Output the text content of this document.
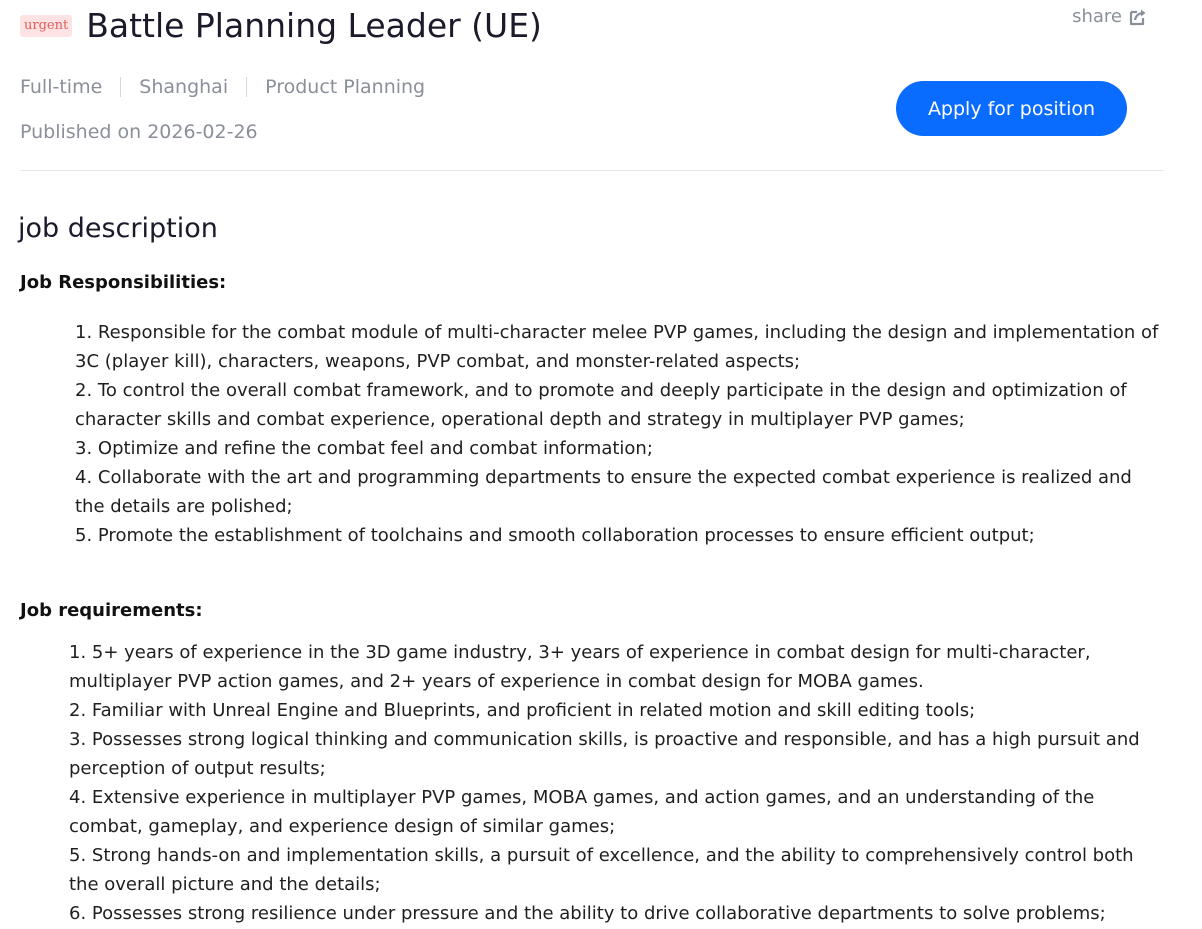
urgent Battle Planning Leader (UE)	share
Full-time Shanghai Product Planning
Published on 2026-02-26
Apply for position
job description
Job Responsibilities:
1. Responsible for the combat module of multi-character melee PVP games, including the design and implementation of 3C (player kill), characters, weapons, PVP combat, and monster-related aspects;
2. To control the overall combat framework, and to promote and deeply participate in the design and optimization of character skills and combat experience, operational depth and strategy in multiplayer PVP games;
3. Optimize and refine the combat feel and combat information;
4. Collaborate with the art and programming departments to ensure the expected combat experience is realized and the details are polished;
5. Promote the establishment of toolchains and smooth collaboration processes to ensure efficient output;
Job requirements:
1. 5+ years of experience in the 3D game industry, 3+ years of experience in combat design for multi-character, multiplayer PVP action games, and 2+ years of experience in combat design for MOBA games.
2. Familiar with Unreal Engine and Blueprints, and proficient in related motion and skill editing tools;
3. Possesses strong logical thinking and communication skills, is proactive and responsible, and has a high pursuit and perception of output results;
4. Extensive experience in multiplayer PVP games, MOBA games, and action games, and an understanding of the combat, gameplay, and experience design of similar games;
5. Strong hands-on and implementation skills, a pursuit of excellence, and the ability to comprehensively control both the overall picture and the details;
6. Possesses strong resilience under pressure and the ability to drive collaborative departments to solve problems;
